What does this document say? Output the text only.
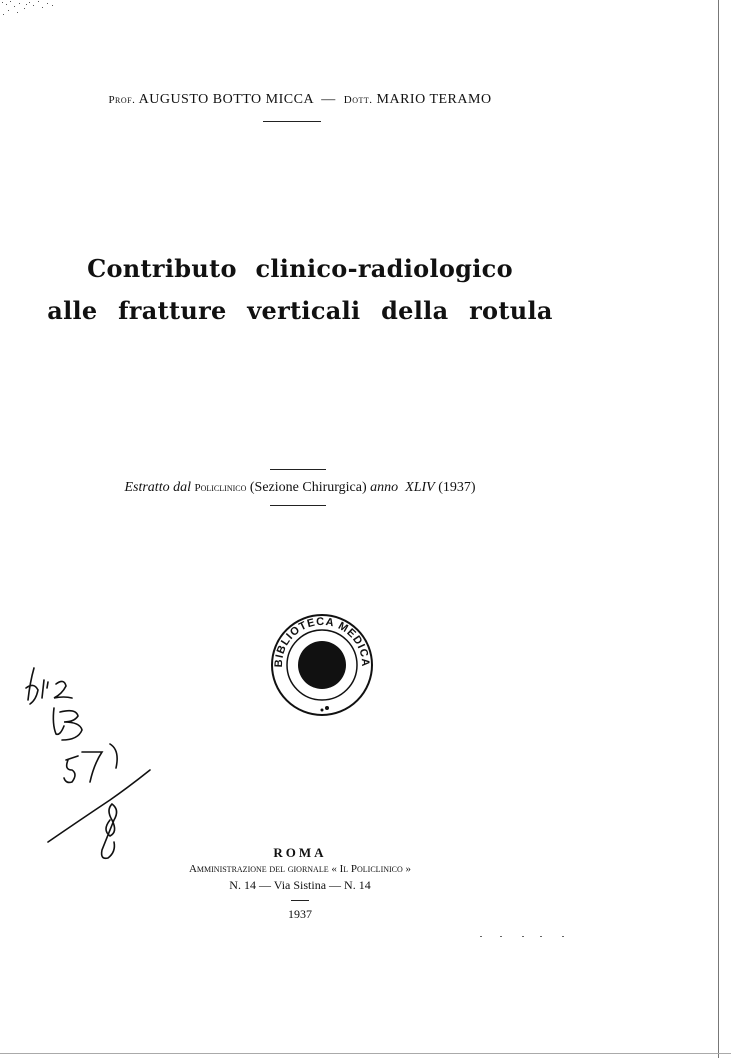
Prof. AUGUSTO BOTTO MICCA — Dott. MARIO TERAMO
Contributo clinico-radiologico
alle fratture verticali della rotula
Estratto dal Policlinico (Sezione Chirurgica) anno XLIV (1937)
BIBLIOTECA MEDICA
ROMA
Amministrazione del giornale « Il Policlinico »
N. 14 — Via Sistina — N. 14
1937
